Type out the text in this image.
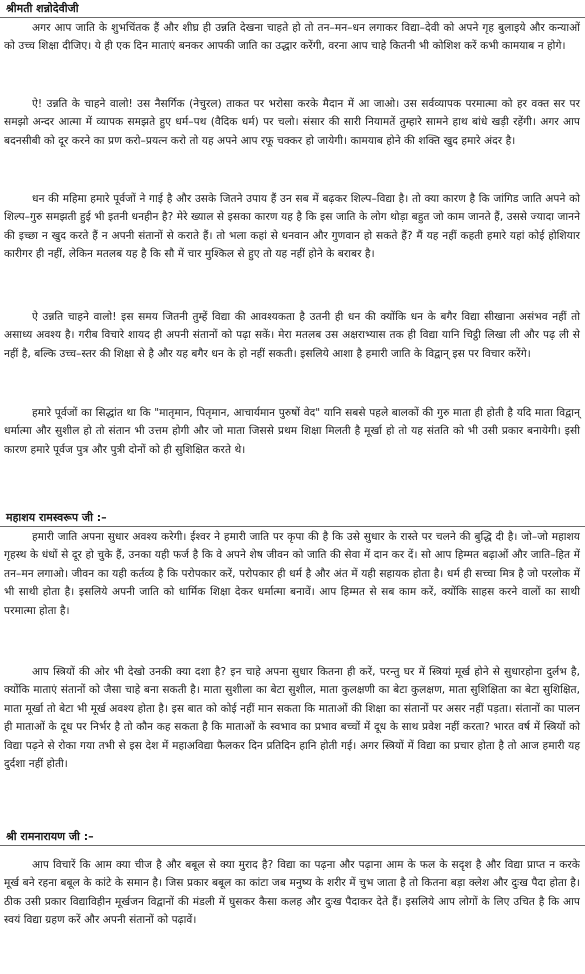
श्रीमती शन्नोदेवीजी

अगर आप जाति के शुभचिंतक हैं और शीघ्र ही उन्नति देखना चाहते हो तो तन–मन–धन लगाकर विद्या–देवी को अपने गृह बुलाइये और कन्याओं को उच्च शिक्षा दीजिए। ये ही एक दिन माताएं बनकर आपकी जाति का उद्धार करेंगी, वरना आप चाहे कितनी भी कोशिश करें कभी कामयाब न होगे।

ऐ! उन्नति के चाहने वालो! उस नैसर्गिक (नेचुरल) ताकत पर भरोसा करके मैदान में आ जाओ। उस सर्वव्यापक परमात्मा को हर वक्त सर पर समझो अन्दर आत्मा में व्यापक समझते हुए धर्म–पथ (वैदिक धर्म) पर चलो। संसार की सारी नियामतें तुम्हारे सामने हाथ बांधे खड़ी रहेंगी। अगर आप बदनसीबी को दूर करने का प्रण करो–प्रयत्न करो तो यह अपने आप रफू चक्कर हो जायेगी। कामयाब होने की शक्ति खुद हमारे अंदर है।

धन की महिमा हमारे पूर्वजों ने गाई है और उसके जितने उपाय हैं उन सब में बढ़कर शिल्प–विद्या है। तो क्या कारण है कि जांगिड जाति अपने को शिल्प–गुरु समझती हुई भी इतनी धनहीन है? मेरे ख्याल से इसका कारण यह है कि इस जाति के लोग थोड़ा बहुत जो काम जानते हैं, उससे ज्यादा जानने की इच्छा न खुद करते हैं न अपनी संतानों से कराते हैं। तो भला कहां से धनवान और गुणवान हो सकते हैं? मैं यह नहीं कहती हमारे यहां कोई होशियार कारीगर ही नहीं, लेकिन मतलब यह है कि सौ में चार मुश्किल से हुए तो यह नहीं होने के बराबर है।

ऐ उन्नति चाहने वालो! इस समय जितनी तुम्हें विद्या की आवश्यकता है उतनी ही धन की क्योंकि धन के बगैर विद्या सीखाना असंभव नहीं तो असाध्य अवश्य है। गरीब विचारे शायद ही अपनी संतानों को पढ़ा सकें। मेरा मतलब उस अक्षराभ्यास तक ही विद्या यानि चिट्ठी लिखा ली और पढ़ ली से नहीं है, बल्कि उच्च–स्तर की शिक्षा से है और यह बगैर धन के हो नहीं सकती। इसलिये आशा है हमारी जाति के विद्वान् इस पर विचार करेंगे।

हमारे पूर्वजों का सिद्धांत था कि "मातृमान, पितृमान, आचार्यमान पुरुषों वेद" यानि सबसे पहले बालकों की गुरु माता ही होती है यदि माता विद्वान् धर्मात्मा और सुशील हो तो संतान भी उत्तम होगी और जो माता जिससे प्रथम शिक्षा मिलती है मूर्खा हो तो यह संतति को भी उसी प्रकार बनायेगी। इसी कारण हमारे पूर्वज पुत्र और पुत्री दोनों को ही सुशिक्षित करते थे।

महाशय रामस्वरूप जी :–

हमारी जाति अपना सुधार अवश्य करेगी। ईश्वर ने हमारी जाति पर कृपा की है कि उसे सुधार के रास्ते पर चलने की बुद्धि दी है। जो–जो महाशय गृहस्थ के धंधों से दूर हो चुके हैं, उनका यही फर्ज है कि वे अपने शेष जीवन को जाति की सेवा में दान कर दें। सो आप हिम्मत बढ़ाओं और जाति–हित में तन–मन लगाओ। जीवन का यही कर्तव्य है कि परोपकार करें, परोपकार ही धर्म है और अंत में यही सहायक होता है। धर्म ही सच्चा मित्र है जो परलोक में भी साथी होता है। इसलिये अपनी जाति को धार्मिक शिक्षा देकर धर्मात्मा बनावें। आप हिम्मत से सब काम करें, क्योंकि साहस करने वालों का साथी परमात्मा होता है।

आप स्त्रियों की ओर भी देखो उनकी क्या दशा है? इन चाहे अपना सुधार कितना ही करें, परन्तु घर में स्त्रियां मूर्ख होने से सुधारहोना दुर्लभ है, क्योंकि माताएं संतानों को जैसा चाहे बना सकती है। माता सुशीला का बेटा सुशील, माता कुलक्षणी का बेटा कुलक्षण, माता सुशिक्षिता का बेटा सुशिक्षित, माता मूर्खा तो बेटा भी मूर्ख अवश्य होता है। इस बात को कोई नहीं मान सकता कि माताओं की शिक्षा का संतानों पर असर नहीं पड़ता। संतानों का पालन ही माताओं के दूध पर निर्भर है तो कौन कह सकता है कि माताओं के स्वभाव का प्रभाव बच्चों में दूध के साथ प्रवेश नहीं करता? भारत वर्ष में स्त्रियों को विद्या पढ़ने से रोका गया तभी से इस देश में महाअविद्या फैलकर दिन प्रतिदिन हानि होती गई। अगर स्त्रियों में विद्या का प्रचार होता है तो आज हमारी यह दुर्दशा नहीं होती।

श्री रामनारायण जी :–

आप विचारें कि आम क्या चीज है और बबूल से क्या मुराद है? विद्या का पढ़ना और पढ़ाना आम के फल के सदृश है और विद्या प्राप्त न करके मूर्ख बने रहना बबूल के कांटे के समान है। जिस प्रकार बबूल का कांटा जब मनुष्य के शरीर में चुभ जाता है तो कितना बड़ा क्लेश और दुःख पैदा होता है। ठीक उसी प्रकार विद्याविहीन मूर्खजन विद्वानों की मंडली में घुसकर कैसा कलह और दुःख पैदाकर देते हैं। इसलिये आप लोगों के लिए उचित है कि आप स्वयं विद्या ग्रहण करें और अपनी संतानों को पढ़ावें।
